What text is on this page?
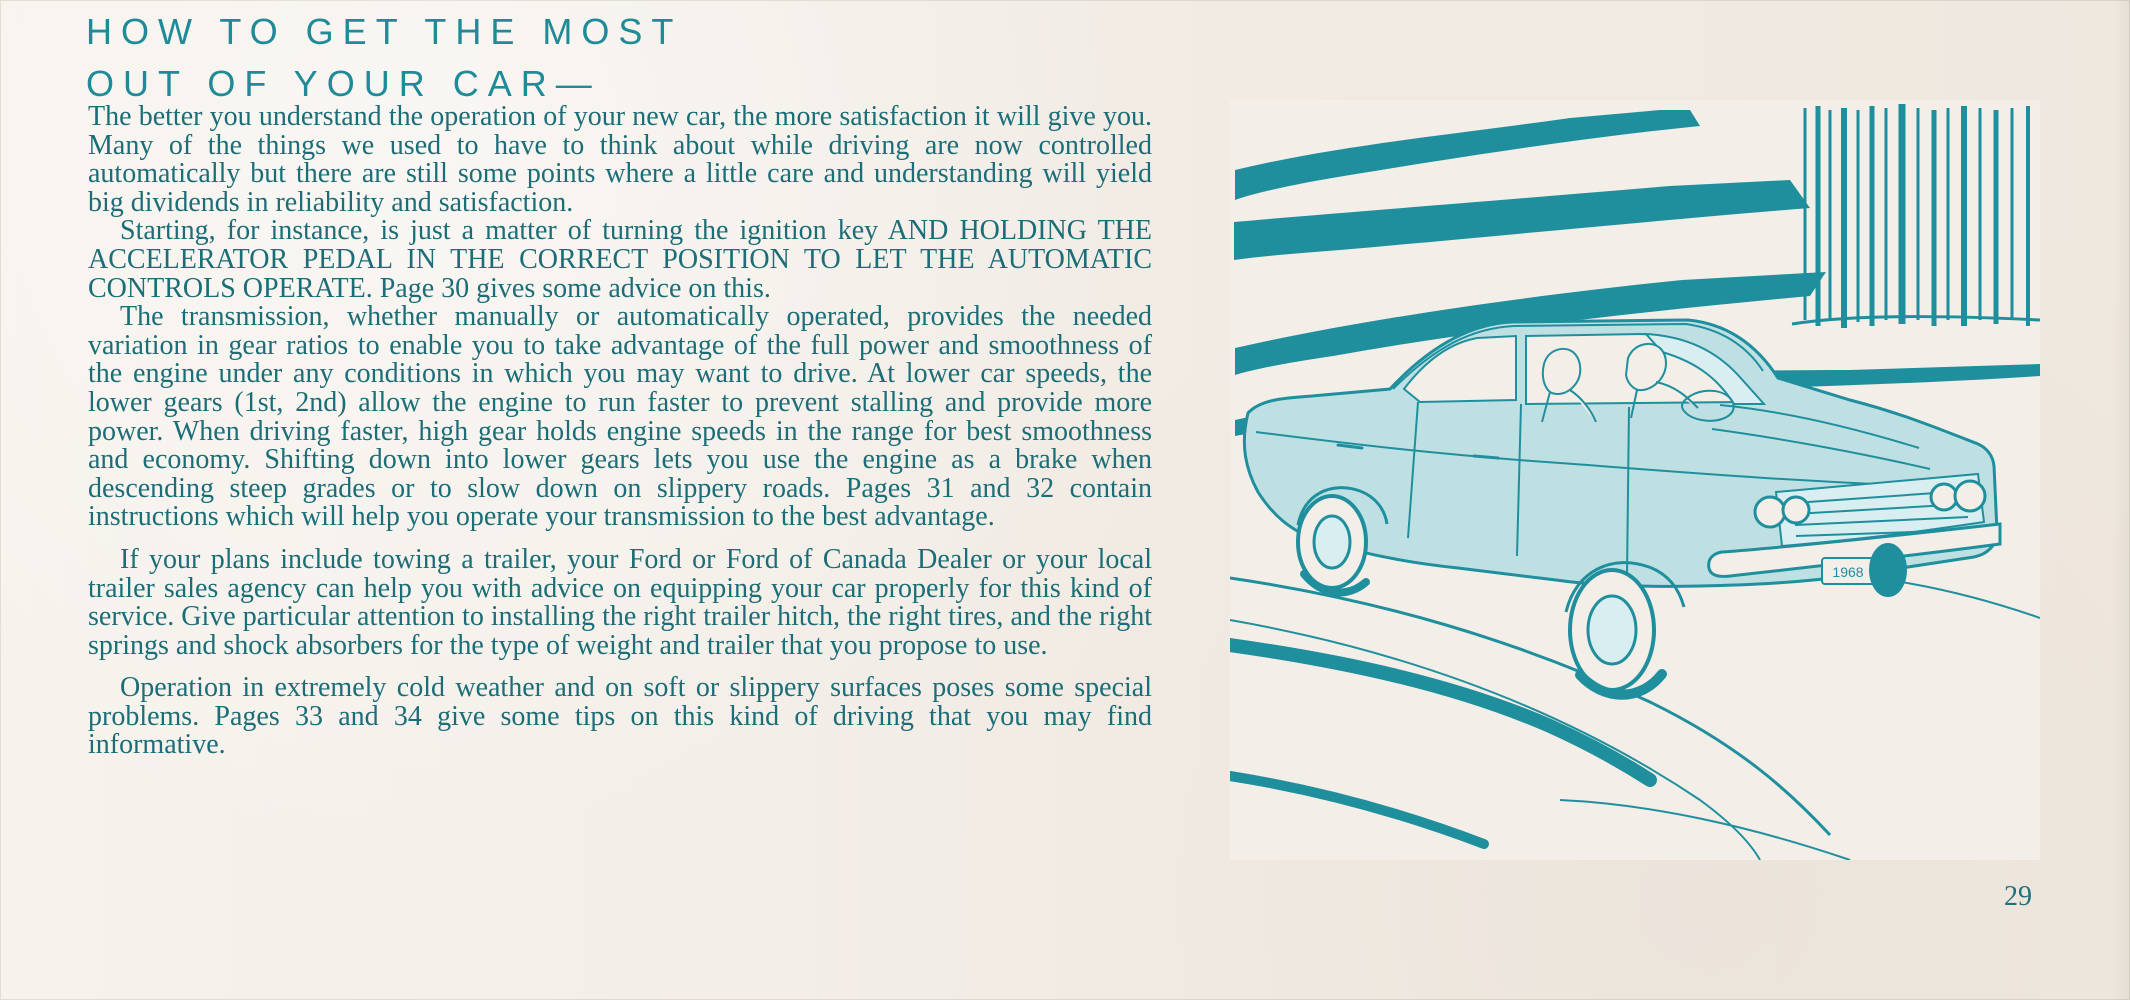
HOW TO GET THE MOST
OUT OF YOUR CAR—

The better you understand the operation of your new car, the more satisfaction it will give you. Many of the things we used to have to think about while driving are now controlled automatically but there are still some points where a little care and understanding will yield big dividends in reliability and satisfaction.

Starting, for instance, is just a matter of turning the ignition key AND HOLDING THE ACCELERATOR PEDAL IN THE CORRECT POSITION TO LET THE AUTOMATIC CONTROLS OPERATE. Page 30 gives some advice on this.

The transmission, whether manually or automatically operated, provides the needed variation in gear ratios to enable you to take advantage of the full power and smoothness of the engine under any conditions in which you may want to drive. At lower car speeds, the lower gears (1st, 2nd) allow the engine to run faster to prevent stalling and provide more power. When driving faster, high gear holds engine speeds in the range for best smoothness and economy. Shifting down into lower gears lets you use the engine as a brake when descending steep grades or to slow down on slippery roads. Pages 31 and 32 contain instructions which will help you operate your transmission to the best advantage.

If your plans include towing a trailer, your Ford or Ford of Canada Dealer or your local trailer sales agency can help you with advice on equipping your car properly for this kind of service. Give particular attention to installing the right trailer hitch, the right tires, and the right springs and shock absorbers for the type of weight and trailer that you propose to use.

Operation in extremely cold weather and on soft or slippery surfaces poses some special problems. Pages 33 and 34 give some tips on this kind of driving that you may find informative.

1968
29
